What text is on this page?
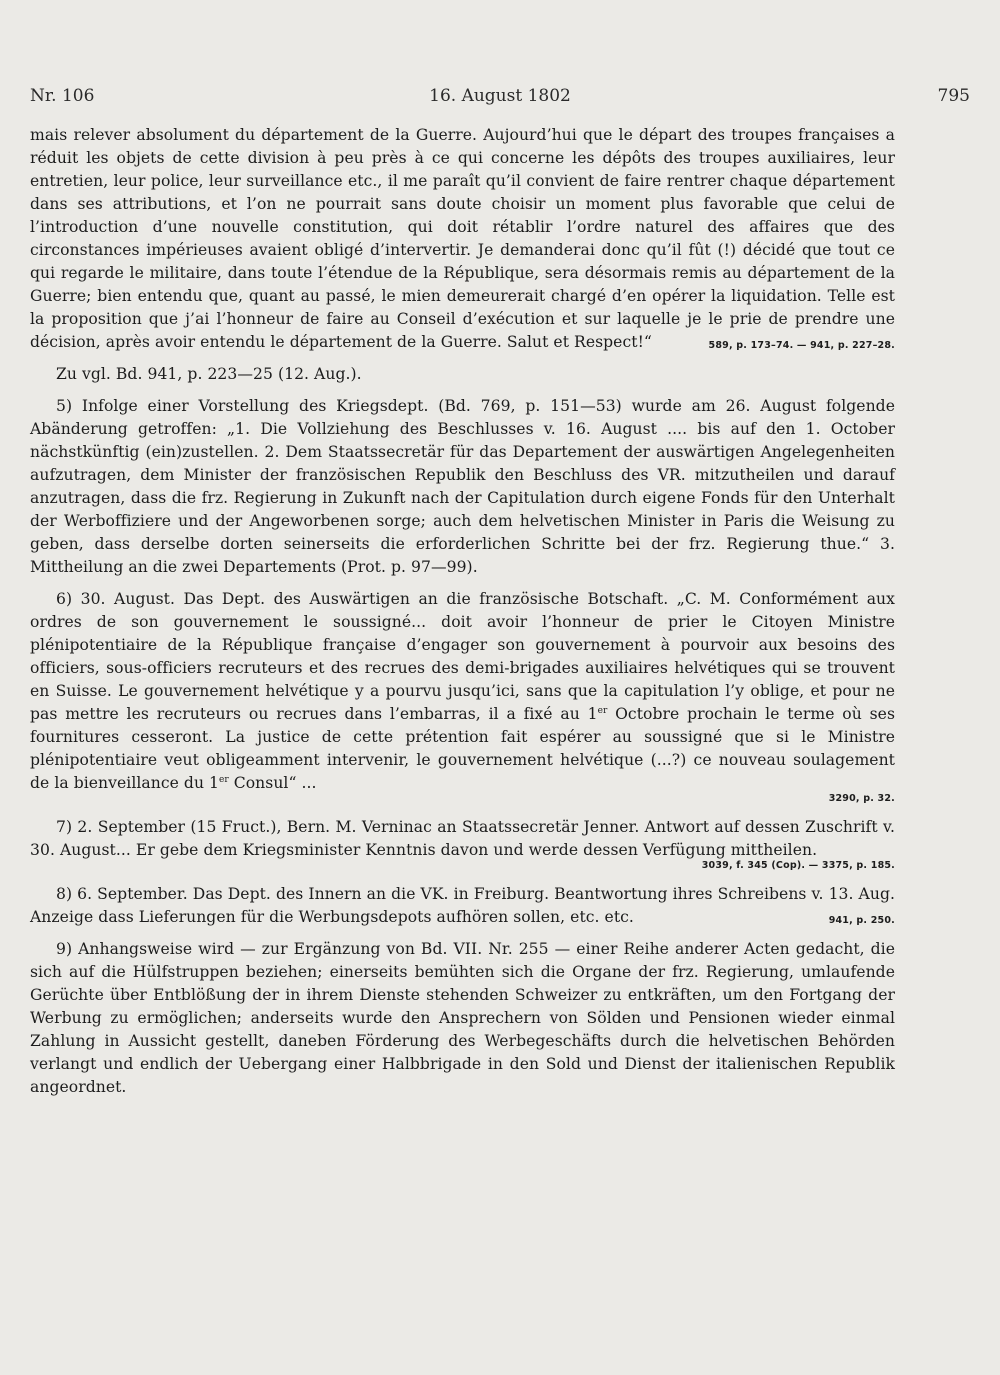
Nr. 106	16. August 1802	795

mais relever absolument du département de la Guerre. Aujourd’hui que le départ des troupes françaises a réduit les objets de cette division à peu près à ce qui concerne les dépôts des troupes auxiliaires, leur entretien, leur police, leur surveillance etc., il me paraît qu’il convient de faire rentrer chaque département dans ses attributions, et l’on ne pourrait sans doute choisir un moment plus favorable que celui de l’introduction d’une nouvelle constitution, qui doit rétablir l’ordre naturel des affaires que des circonstances impérieuses avaient obligé d’intervertir. Je demanderai donc qu’il fût (!) décidé que tout ce qui regarde le militaire, dans toute l’étendue de la République, sera désormais remis au département de la Guerre; bien entendu que, quant au passé, le mien demeurerait chargé d’en opérer la liquidation. Telle est la proposition que j’ai l’honneur de faire au Conseil d’exécution et sur laquelle je le prie de prendre une décision, après avoir entendu le département de la Guerre. Salut et Respect!“	589, p. 173–74. — 941, p. 227–28.

Zu vgl. Bd. 941, p. 223—25 (12. Aug.).

5) Infolge einer Vorstellung des Kriegsdept. (Bd. 769, p. 151—53) wurde am 26. August folgende Abänderung getroffen: „1. Die Vollziehung des Beschlusses v. 16. August .... bis auf den 1. October nächstkünftig (ein)zustellen. 2. Dem Staatssecretär für das Departement der auswärtigen Angelegenheiten aufzutragen, dem Minister der französischen Republik den Beschluss des VR. mitzutheilen und darauf anzutragen, dass die frz. Regierung in Zukunft nach der Capitulation durch eigene Fonds für den Unterhalt der Werboffiziere und der Angeworbenen sorge; auch dem helvetischen Minister in Paris die Weisung zu geben, dass derselbe dorten seinerseits die erforderlichen Schritte bei der frz. Regierung thue.“ 3. Mittheilung an die zwei Departements (Prot. p. 97—99).

6) 30. August. Das Dept. des Auswärtigen an die französische Botschaft. „C. M. Conformément aux ordres de son gouvernement le soussigné... doit avoir l’honneur de prier le Citoyen Ministre plénipotentiaire de la République française d’engager son gouvernement à pourvoir aux besoins des officiers, sous-officiers recruteurs et des recrues des demi-brigades auxiliaires helvétiques qui se trouvent en Suisse. Le gouvernement helvétique y a pourvu jusqu’ici, sans que la capitulation l’y oblige, et pour ne pas mettre les recruteurs ou recrues dans l’embarras, il a fixé au 1er Octobre prochain le terme où ses fournitures cesseront. La justice de cette prétention fait espérer au soussigné que si le Ministre plénipotentiaire veut obligeamment intervenir, le gouvernement helvétique (...?) ce nouveau soulagement de la bienveillance du 1er Consul“ ...
3290, p. 32.

7) 2. September (15 Fruct.), Bern. M. Verninac an Staatssecretär Jenner. Antwort auf dessen Zuschrift v. 30. August... Er gebe dem Kriegsminister Kenntnis davon und werde dessen Verfügung mittheilen.
3039, f. 345 (Cop). — 3375, p. 185.

8) 6. September. Das Dept. des Innern an die VK. in Freiburg. Beantwortung ihres Schreibens v. 13. Aug. Anzeige dass Lieferungen für die Werbungsdepots aufhören sollen, etc. etc.	941, p. 250.

9) Anhangsweise wird — zur Ergänzung von Bd. VII. Nr. 255 — einer Reihe anderer Acten gedacht, die sich auf die Hülfstruppen beziehen; einerseits bemühten sich die Organe der frz. Regierung, umlaufende Gerüchte über Entblößung der in ihrem Dienste stehenden Schweizer zu entkräften, um den Fortgang der Werbung zu ermöglichen; anderseits wurde den Ansprechern von Sölden und Pensionen wieder einmal Zahlung in Aussicht gestellt, daneben Förderung des Werbegeschäfts durch die helvetischen Behörden verlangt und endlich der Uebergang einer Halbbrigade in den Sold und Dienst der italienischen Republik angeordnet.
